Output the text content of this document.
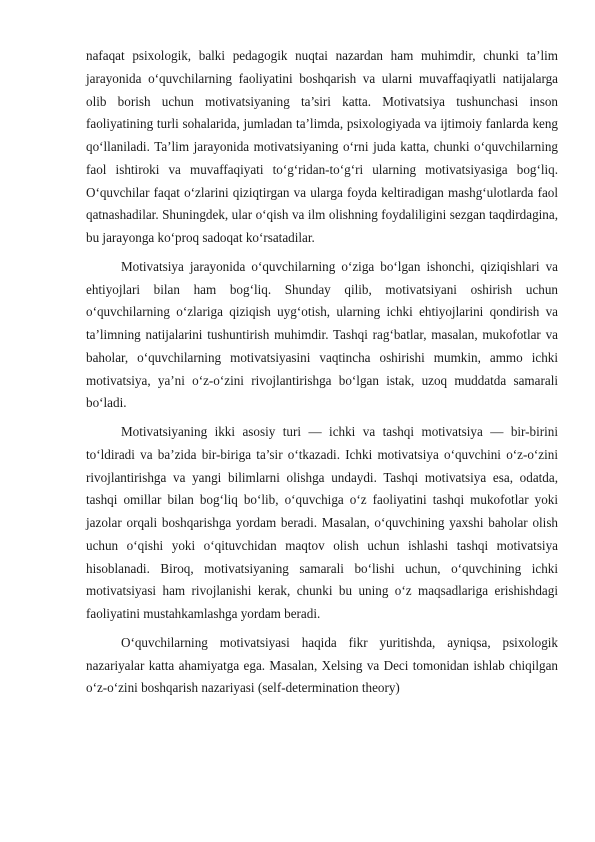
nafaqat psixologik, balki pedagogik nuqtai nazardan ham muhimdir, chunki ta’lim jarayonida o‘quvchilarning faoliyatini boshqarish va ularni muvaffaqiyatli natijalarga olib borish uchun motivatsiyaning ta’siri katta. Motivatsiya tushunchasi inson faoliyatining turli sohalarida, jumladan ta’limda, psixologiyada va ijtimoiy fanlarda keng qo‘llaniladi. Ta’lim jarayonida motivatsiyaning o‘rni juda katta, chunki o‘quvchilarning faol ishtiroki va muvaffaqiyati to‘g‘ridan-to‘g‘ri ularning motivatsiyasiga bog‘liq. O‘quvchilar faqat o‘zlarini qiziqtirgan va ularga foyda keltiradigan mashg‘ulotlarda faol qatnashadilar. Shuningdek, ular o‘qish va ilm olishning foydaliligini sezgan taqdirdagina, bu jarayonga ko‘proq sadoqat ko‘rsatadilar.

Motivatsiya jarayonida o‘quvchilarning o‘ziga bo‘lgan ishonchi, qiziqishlari va ehtiyojlari bilan ham bog‘liq. Shunday qilib, motivatsiyani oshirish uchun o‘quvchilarning o‘zlariga qiziqish uyg‘otish, ularning ichki ehtiyojlarini qondirish va ta’limning natijalarini tushuntirish muhimdir. Tashqi rag‘batlar, masalan, mukofotlar va baholar, o‘quvchilarning motivatsiyasini vaqtincha oshirishi mumkin, ammo ichki motivatsiya, ya’ni o‘z-o‘zini rivojlantirishga bo‘lgan istak, uzoq muddatda samarali bo‘ladi.

Motivatsiyaning ikki asosiy turi — ichki va tashqi motivatsiya — bir-birini to‘ldiradi va ba’zida bir-biriga ta’sir o‘tkazadi. Ichki motivatsiya o‘quvchini o‘z-o‘zini rivojlantirishga va yangi bilimlarni olishga undaydi. Tashqi motivatsiya esa, odatda, tashqi omillar bilan bog‘liq bo‘lib, o‘quvchiga o‘z faoliyatini tashqi mukofotlar yoki jazolar orqali boshqarishga yordam beradi. Masalan, o‘quvchining yaxshi baholar olish uchun o‘qishi yoki o‘qituvchidan maqtov olish uchun ishlashi tashqi motivatsiya hisoblanadi. Biroq, motivatsiyaning samarali bo‘lishi uchun, o‘quvchining ichki motivatsiyasi ham rivojlanishi kerak, chunki bu uning o‘z maqsadlariga erishishdagi faoliyatini mustahkamlashga yordam beradi.

O‘quvchilarning motivatsiyasi haqida fikr yuritishda, ayniqsa, psixologik nazariyalar katta ahamiyatga ega. Masalan, Xelsing va Deci tomonidan ishlab chiqilgan o‘z-o‘zini boshqarish nazariyasi (self-determination theory)
